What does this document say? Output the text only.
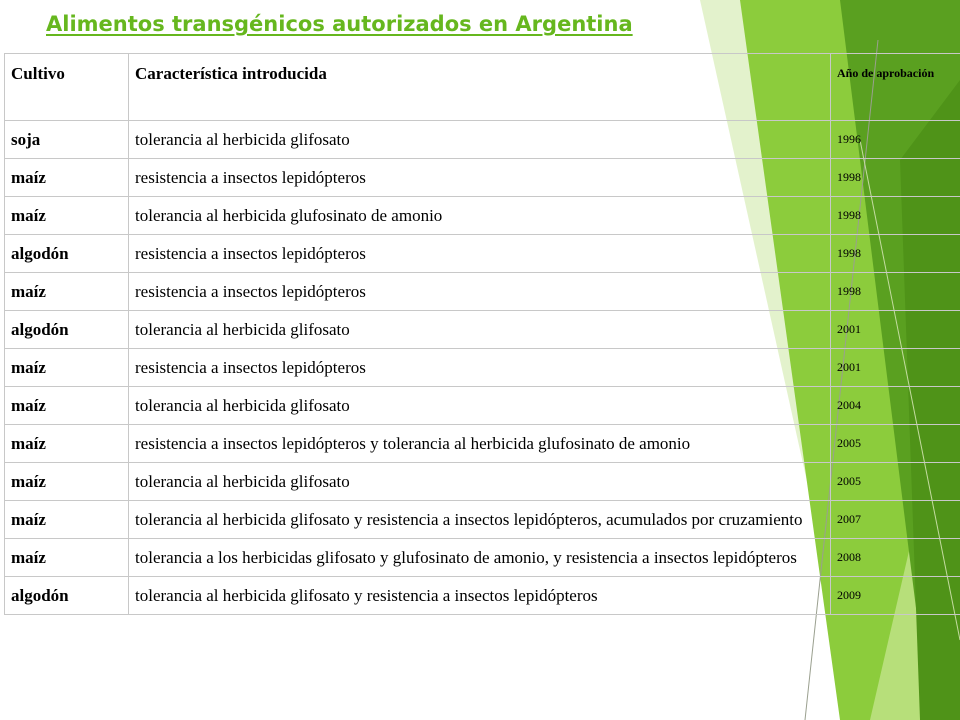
Alimentos transgénicos autorizados en Argentina
Cultivo	Característica introducida	Año de aprobación
soja	tolerancia al herbicida glifosato	1996
maíz	resistencia a insectos lepidópteros	1998
maíz	tolerancia al herbicida glufosinato de amonio	1998
algodón	resistencia a insectos lepidópteros	1998
maíz	resistencia a insectos lepidópteros	1998
algodón	tolerancia al herbicida glifosato	2001
maíz	resistencia a insectos lepidópteros	2001
maíz	tolerancia al herbicida glifosato	2004
maíz	resistencia a insectos lepidópteros y tolerancia al herbicida glufosinato de amonio	2005
maíz	tolerancia al herbicida glifosato	2005
maíz	tolerancia al herbicida glifosato y resistencia a insectos lepidópteros, acumulados por cruzamiento	2007
maíz	tolerancia a los herbicidas glifosato y glufosinato de amonio, y resistencia a insectos lepidópteros	2008
algodón	tolerancia al herbicida glifosato y resistencia a insectos lepidópteros	2009
